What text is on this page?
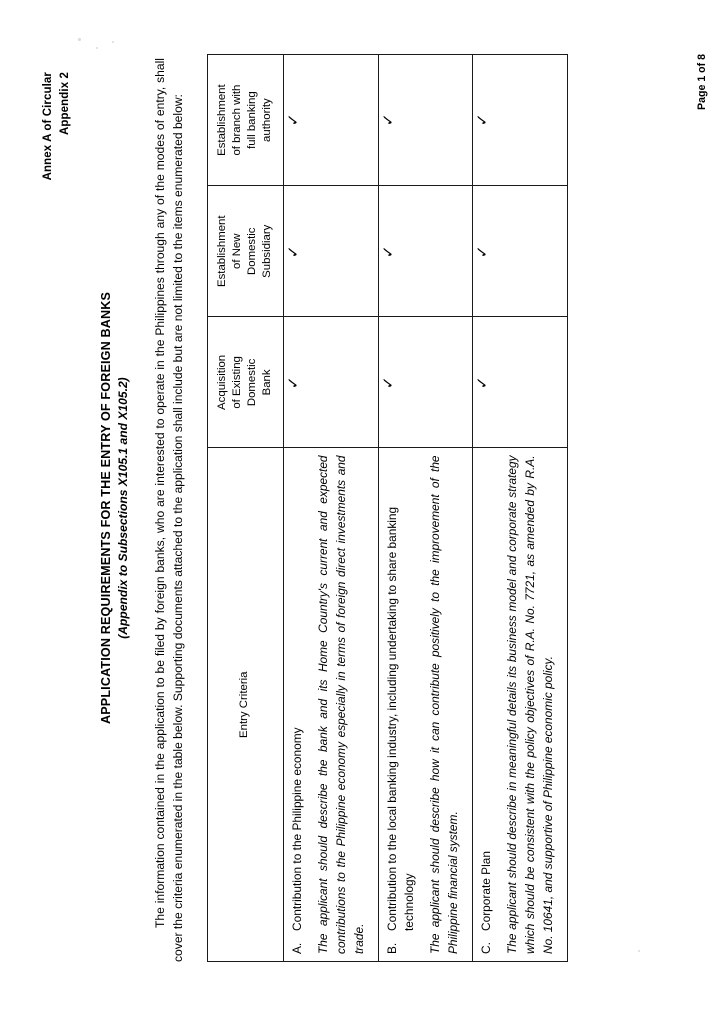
Annex A of Circular Appendix 2
APPLICATION REQUIREMENTS FOR THE ENTRY OF FOREIGN BANKS (Appendix to Subsections X105.1 and X105.2) The information contained in the application to be filed by foreign banks, who are interested to operate in the Philippines through any of the modes of entry, shall cover the criteria enumerated in the table below. Supporting documents attached to the application shall include but are not limited to the items enumerated below:	Entry Criteria	Acquisition of Existing Domestic Bank	Establishment of New Domestic Subsidiary	Establishment of branch with full banking authority

A.
Contribution to the Philippine economy The applicant should describe the bank and its Home Country's current and expected contributions to the Philippine economy especially in terms of foreign direct investments and trade.	✓	✓	✓

B.
Contribution to the local banking industry, including undertaking to share banking technology The applicant should describe how it can contribute positively to the improvement of the Philippine financial system.	✓	✓	✓

C.
Corporate Plan The applicant should describe in meaningful details its business model and corporate strategy which should be consistent with the policy objectives of R.A. No. 7721, as amended by R.A. No. 10641, and supportive of Philippine economic policy.	✓	✓	✓
Page 1 of 8
